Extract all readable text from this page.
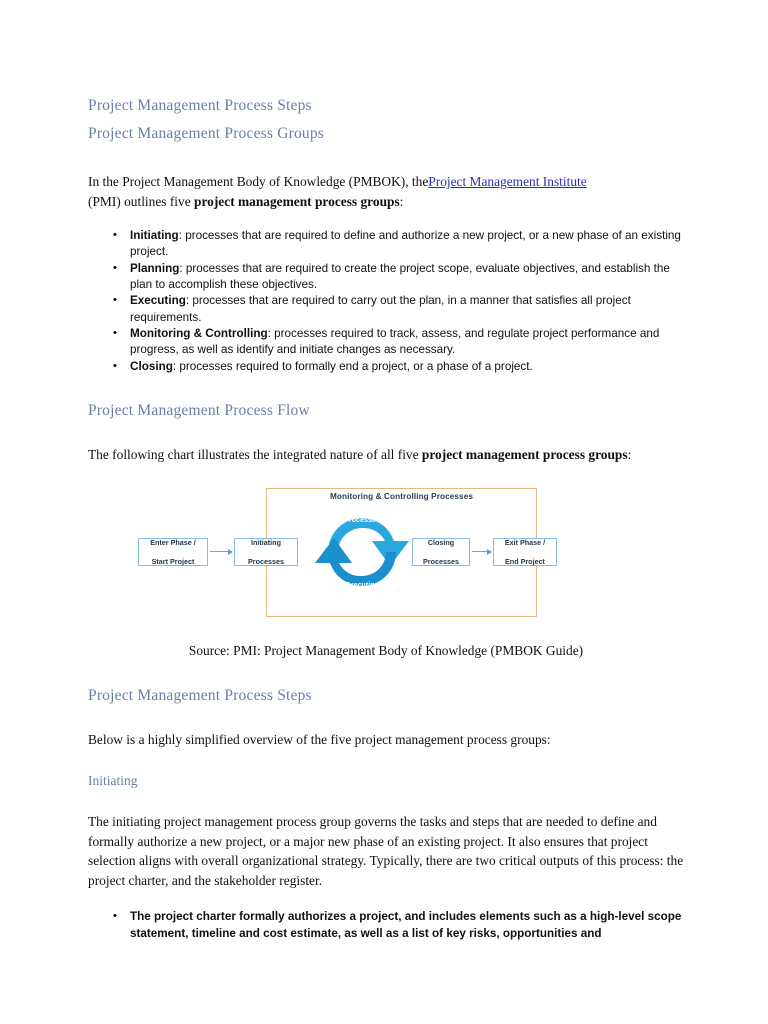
Project Management Process Steps
Project Management Process Groups

In the Project Management Body of Knowledge (PMBOK), theProject Management Institute
(PMI) outlines five project management process groups:

• Initiating: processes that are required to define and authorize a new project, or a new phase of an existing project.
• Planning: processes that are required to create the project scope, evaluate objectives, and establish the plan to accomplish these objectives.
• Executing: processes that are required to carry out the plan, in a manner that satisfies all project requirements.
• Monitoring & Controlling: processes required to track, assess, and regulate project performance and progress, as well as identify and initiate changes as necessary.
• Closing: processes required to formally end a project, or a phase of a project.
Project Management Process Flow

The following chart illustrates the integrated nature of all five project management process groups:

Monitoring & Controlling Processes
Enter Phase /

Start Project
Initiating

Processes
Planning
Processes
Executing
Processes
Closing

Processes
Exit Phase /

End Project

Source: PMI: Project Management Body of Knowledge (PMBOK Guide)

Project Management Process Steps

Below is a highly simplified overview of the five project management process groups:

Initiating

The initiating project management process group governs the tasks and steps that are needed to define and formally authorize a new project, or a major new phase of an existing project. It also ensures that project selection aligns with overall organizational strategy. Typically, there are two critical outputs of this process: the project charter, and the stakeholder register.

• The project charter formally authorizes a project, and includes elements such as a high-level scope statement, timeline and cost estimate, as well as a list of key risks, opportunities and
